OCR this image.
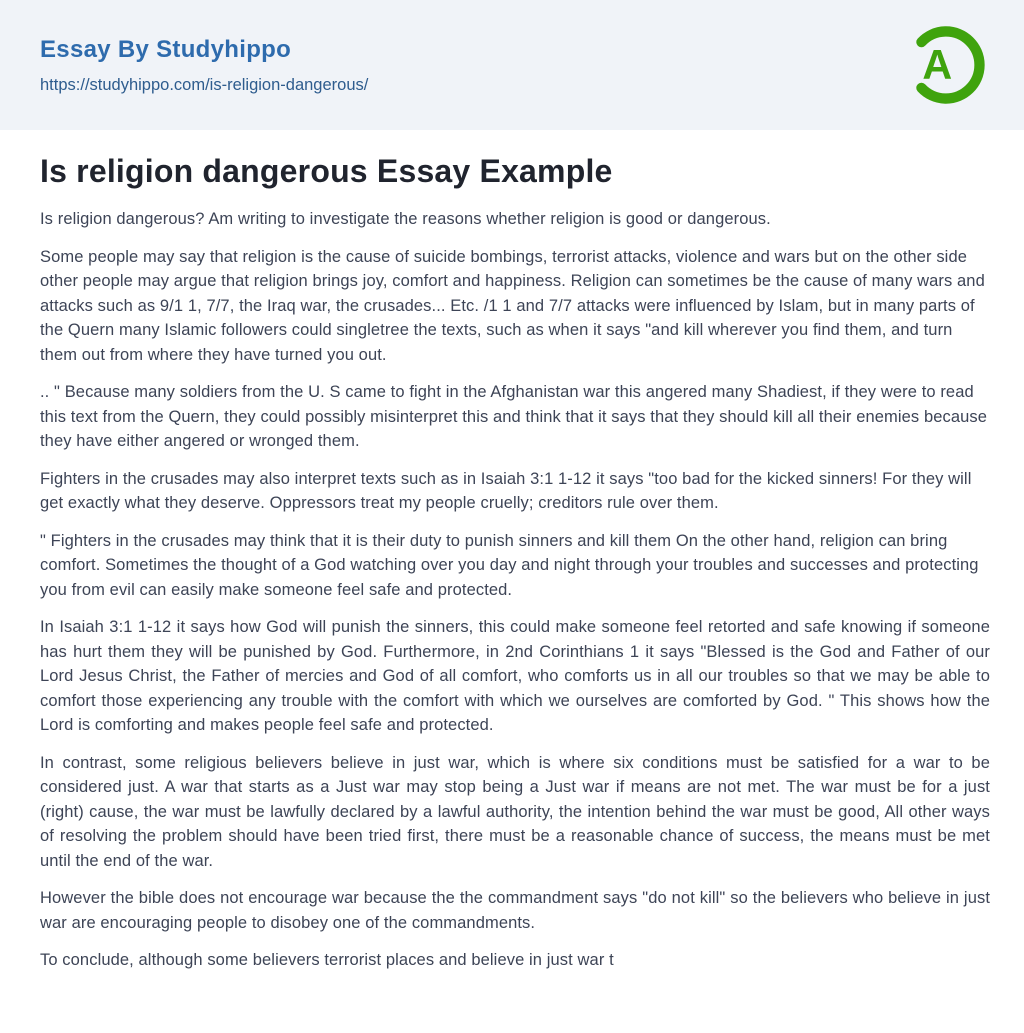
Essay By Studyhippo
https://studyhippo.com/is-religion-dangerous/	A
Is religion dangerous Essay Example

Is religion dangerous? Am writing to investigate the reasons whether religion is good or dangerous.

Some people may say that religion is the cause of suicide bombings, terrorist attacks, violence and wars but on the other side other people may argue that religion brings joy, comfort and happiness. Religion can sometimes be the cause of many wars and attacks such as 9/1 1, 7/7, the Iraq war, the crusades... Etc. /1 1 and 7/7 attacks were influenced by Islam, but in many parts of the Quern many Islamic followers could singletree the texts, such as when it says "and kill wherever you find them, and turn them out from where they have turned you out.

.. " Because many soldiers from the U. S came to fight in the Afghanistan war this angered many Shadiest, if they were to read this text from the Quern, they could possibly misinterpret this and think that it says that they should kill all their enemies because they have either angered or wronged them.

Fighters in the crusades may also interpret texts such as in Isaiah 3:1 1-12 it says "too bad for the kicked sinners! For they will get exactly what they deserve. Oppressors treat my people cruelly; creditors rule over them.

" Fighters in the crusades may think that it is their duty to punish sinners and kill them On the other hand, religion can bring comfort. Sometimes the thought of a God watching over you day and night through your troubles and successes and protecting you from evil can easily make someone feel safe and protected.

In Isaiah 3:1 1-12 it says how God will punish the sinners, this could make someone feel retorted and safe knowing if someone has hurt them they will be punished by God. Furthermore, in 2nd Corinthians 1 it says "Blessed is the God and Father of our Lord Jesus Christ, the Father of mercies and God of all comfort, who comforts us in all our troubles so that we may be able to comfort those experiencing any trouble with the comfort with which we ourselves are comforted by God. " This shows how the Lord is comforting and makes people feel safe and protected.

In contrast, some religious believers believe in just war, which is where six conditions must be satisfied for a war to be considered just. A war that starts as a Just war may stop being a Just war if means are not met. The war must be for a just (right) cause, the war must be lawfully declared by a lawful authority, the intention behind the war must be good, All other ways of resolving the problem should have been tried first, there must be a reasonable chance of success, the means must be met until the end of the war.

However the bible does not encourage war because the the commandment says "do not kill" so the believers who believe in just war are encouraging people to disobey one of the commandments.

To conclude, although some believers terrorist places and believe in just war t
